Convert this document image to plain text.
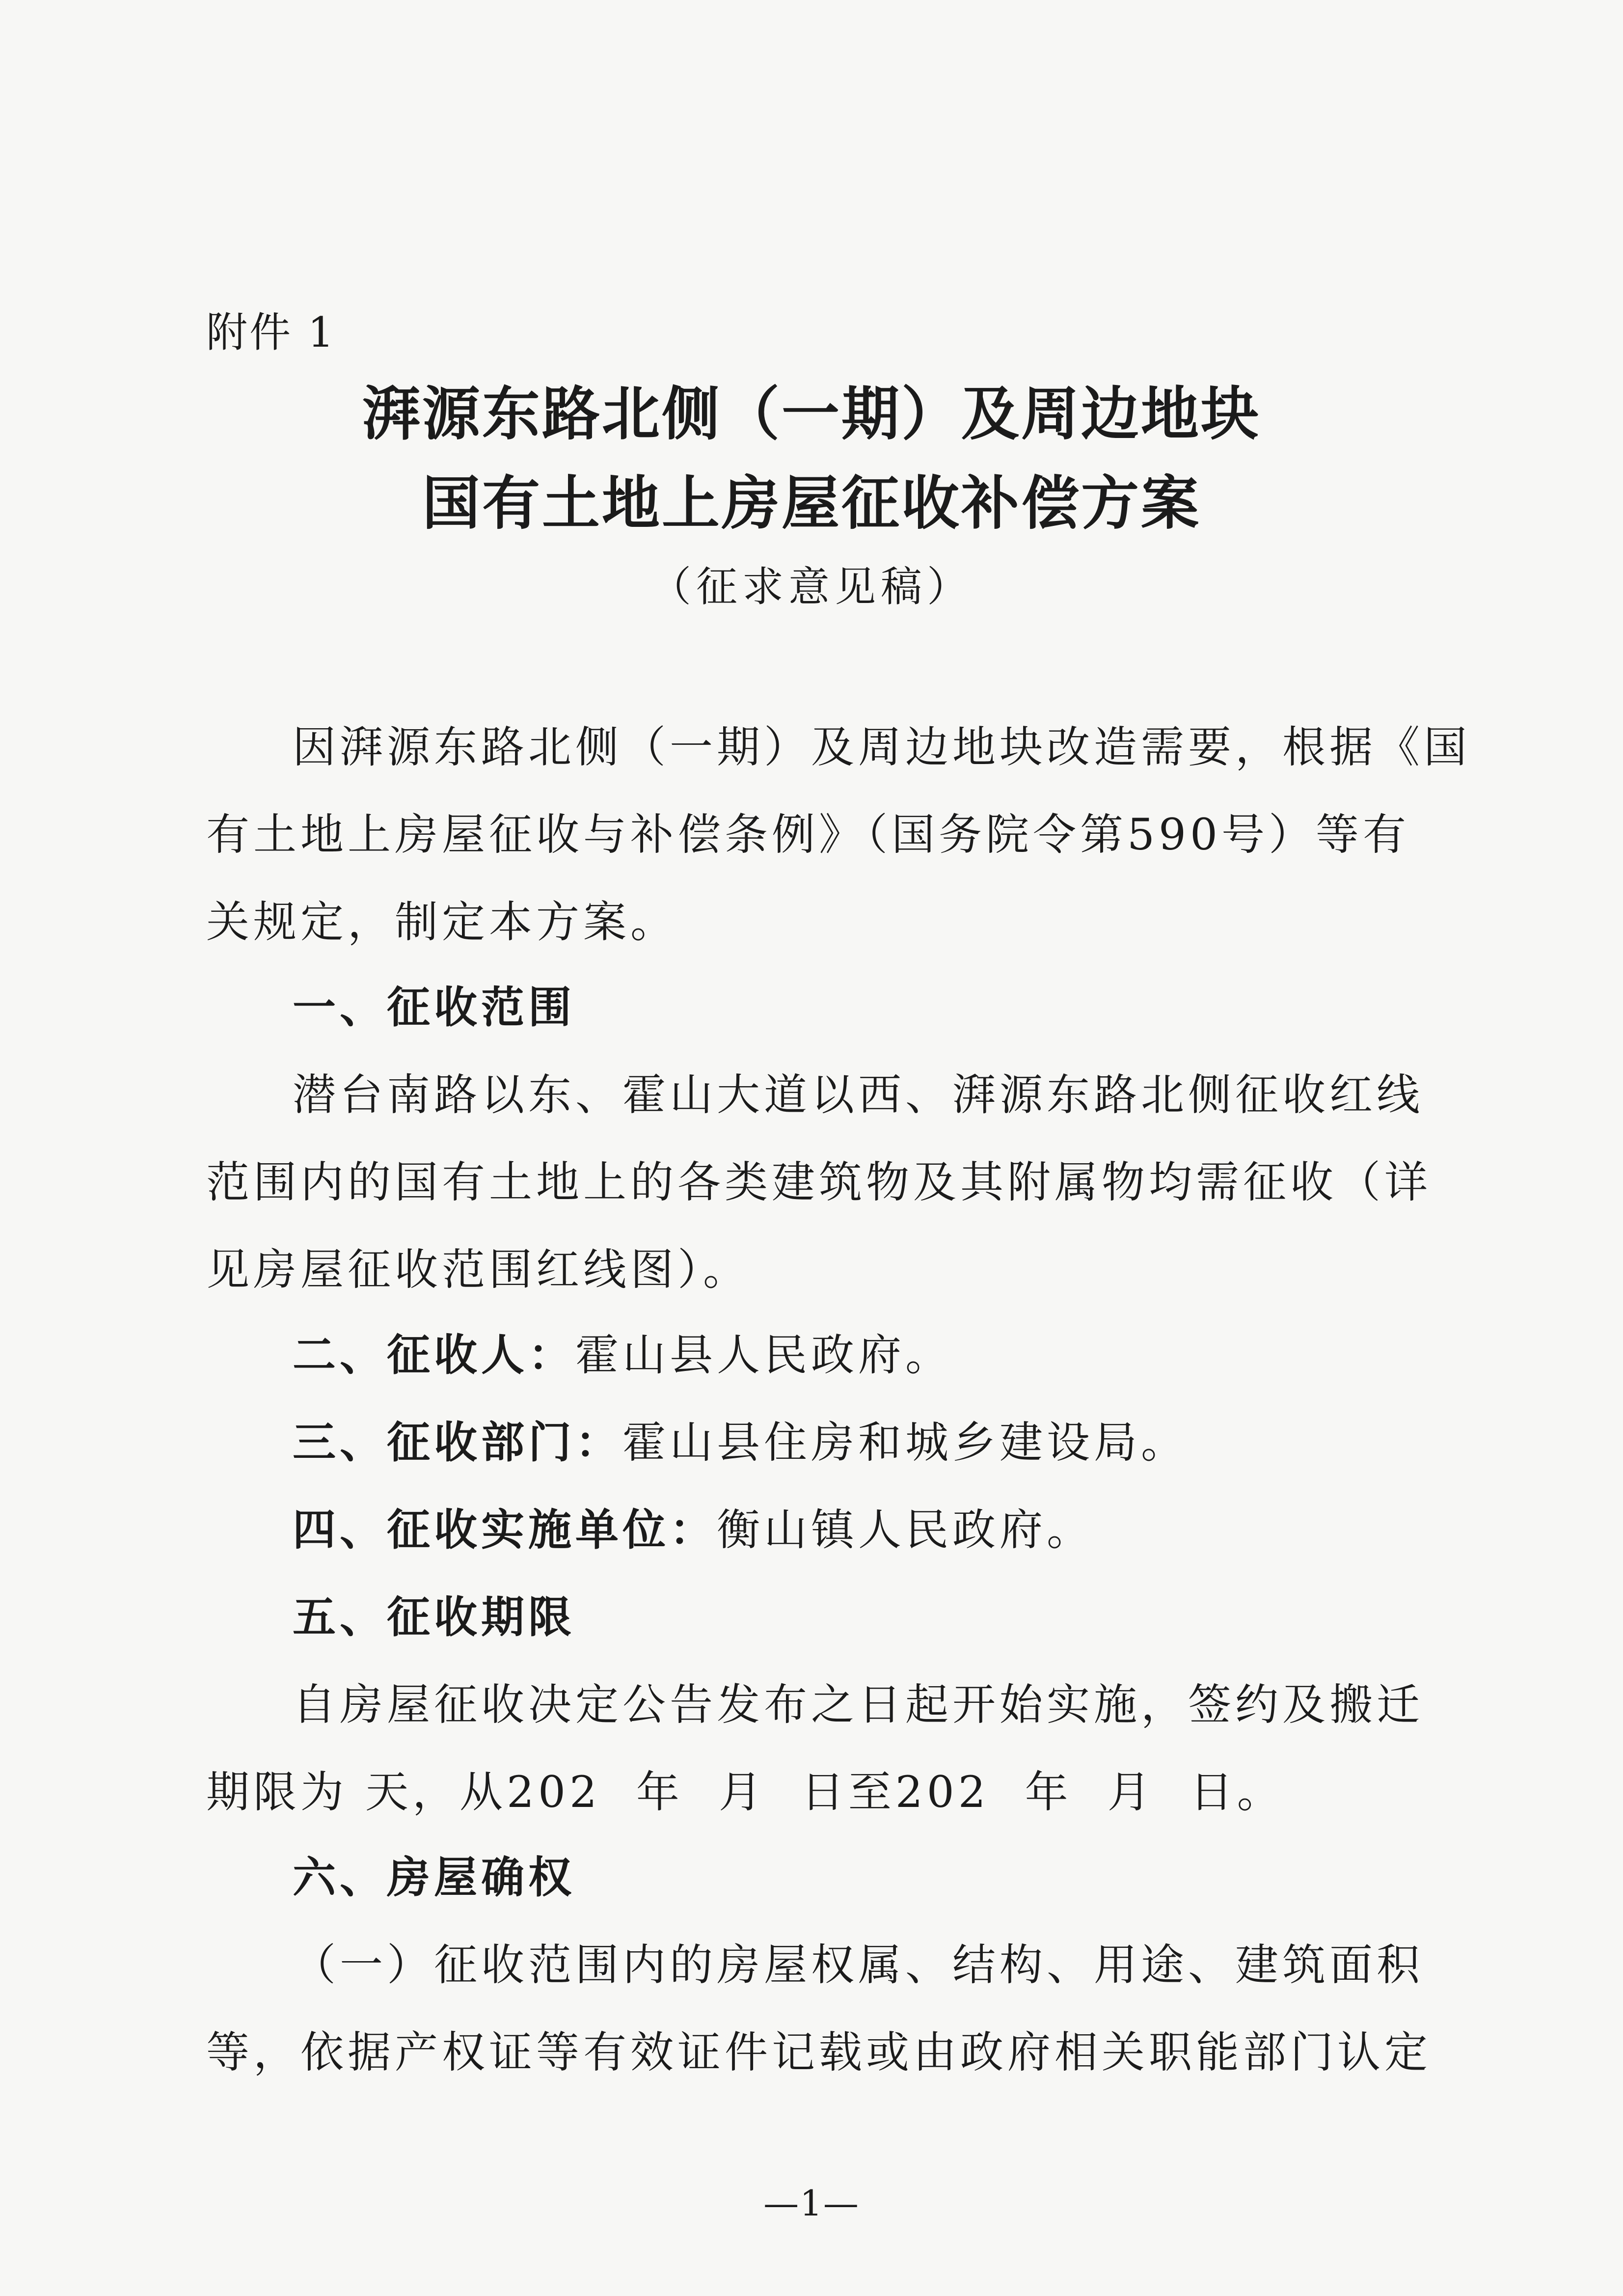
附件 1
湃源东路北侧（一期）及周边地块
国有土地上房屋征收补偿方案
（征求意见稿）
因湃源东路北侧（一期）及周边地块改造需要，根据《国
有土地上房屋征收与补偿条例》（国务院令第590号）等有
关规定，制定本方案。
一、征收范围
潜台南路以东、霍山大道以西、湃源东路北侧征收红线
范围内的国有土地上的各类建筑物及其附属物均需征收（详
见房屋征收范围红线图）。
二、征收人：霍山县人民政府。
三、征收部门：霍山县住房和城乡建设局。
四、征收实施单位：衡山镇人民政府。
五、征收期限
自房屋征收决定公告发布之日起开始实施，签约及搬迁
期限为 天，从202  年  月  日至202  年  月  日。
六、房屋确权
（一）征收范围内的房屋权属、结构、用途、建筑面积
等，依据产权证等有效证件记载或由政府相关职能部门认定
—1—
